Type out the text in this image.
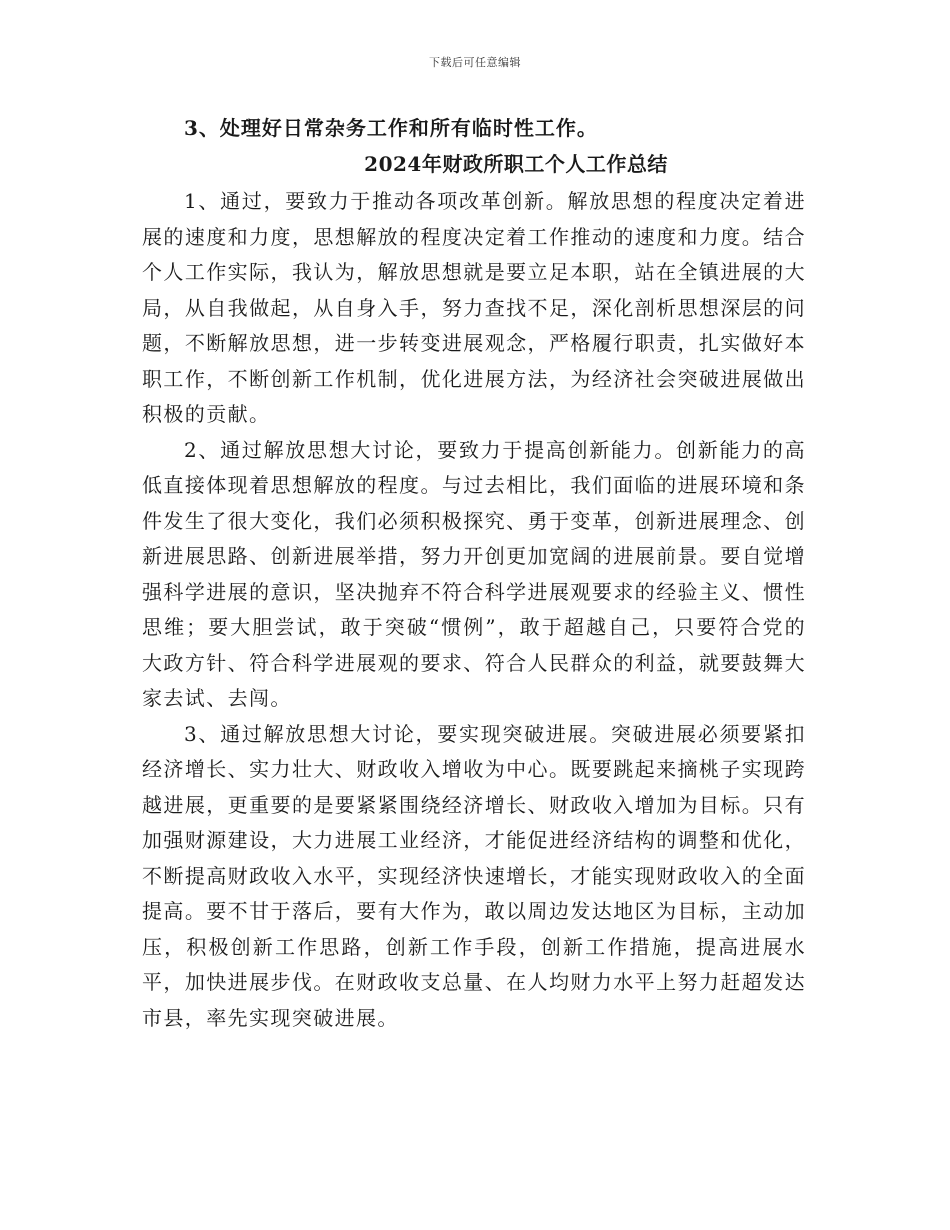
下载后可任意编辑

3、处理好日常杂务工作和所有临时性工作。

2024年财政所职工个人工作总结

1、通过，要致力于推动各项改革创新。解放思想的程度决定着进展的速度和力度，思想解放的程度决定着工作推动的速度和力度。结合个人工作实际，我认为，解放思想就是要立足本职，站在全镇进展的大局，从自我做起，从自身入手，努力查找不足，深化剖析思想深层的问题，不断解放思想，进一步转变进展观念，严格履行职责，扎实做好本职工作，不断创新工作机制，优化进展方法，为经济社会突破进展做出积极的贡献。

2、通过解放思想大讨论，要致力于提高创新能力。创新能力的高低直接体现着思想解放的程度。与过去相比，我们面临的进展环境和条件发生了很大变化，我们必须积极探究、勇于变革，创新进展理念、创新进展思路、创新进展举措，努力开创更加宽阔的进展前景。要自觉增强科学进展的意识，坚决抛弃不符合科学进展观要求的经验主义、惯性思维；要大胆尝试，敢于突破“惯例”，敢于超越自己，只要符合党的大政方针、符合科学进展观的要求、符合人民群众的利益，就要鼓舞大家去试、去闯。

3、通过解放思想大讨论，要实现突破进展。突破进展必须要紧扣经济增长、实力壮大、财政收入增收为中心。既要跳起来摘桃子实现跨越进展，更重要的是要紧紧围绕经济增长、财政收入增加为目标。只有加强财源建设，大力进展工业经济，才能促进经济结构的调整和优化，不断提高财政收入水平，实现经济快速增长，才能实现财政收入的全面提高。要不甘于落后，要有大作为，敢以周边发达地区为目标，主动加压，积极创新工作思路，创新工作手段，创新工作措施，提高进展水平，加快进展步伐。在财政收支总量、在人均财力水平上努力赶超发达市县，率先实现突破进展。
